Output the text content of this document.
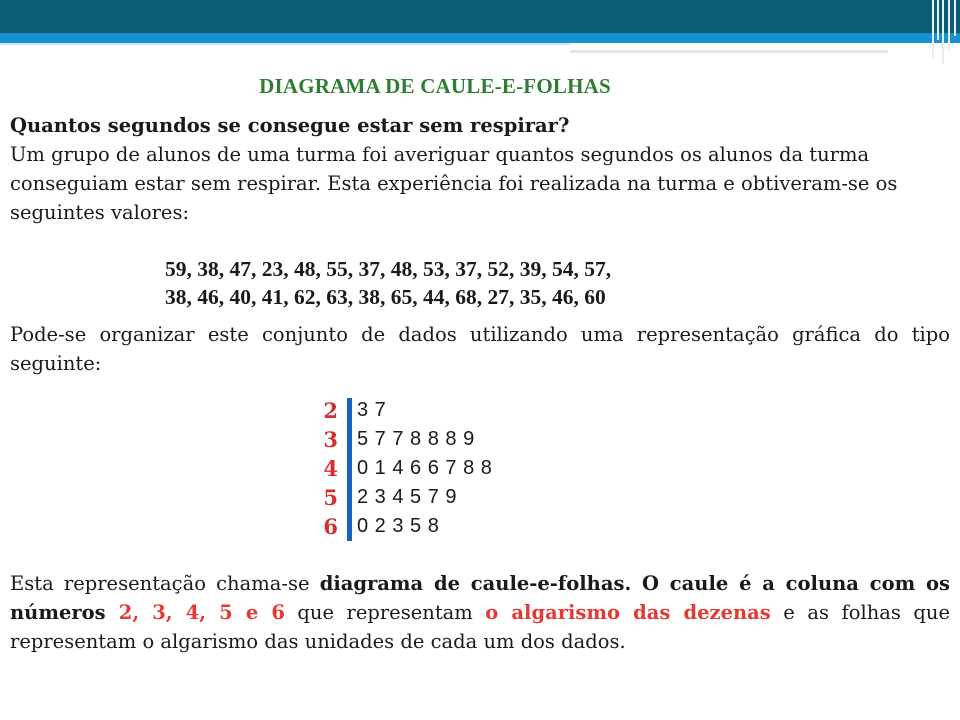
DIAGRAMA DE CAULE-E-FOLHAS
Quantos segundos se consegue estar sem respirar?
Um grupo de alunos de uma turma foi averiguar quantos segundos os alunos da turma conseguiam estar sem respirar. Esta experiência foi realizada na turma e obtiveram-se os seguintes valores:
59, 38, 47, 23, 48, 55, 37, 48, 53, 37, 52, 39, 54, 57,
38, 46, 40, 41, 62, 63, 38, 65, 44, 68, 27, 35, 46, 60
Pode-se organizar este conjunto de dados utilizando uma representação gráfica do tipo seguinte:
2 3 7
3 5 7 7 8 8 8 9
4 0 1 4 6 6 7 8 8
5 2 3 4 5 7 9
6 0 2 3 5 8
Esta representação chama-se diagrama de caule-e-folhas. O caule é a coluna com os números 2, 3, 4, 5 e 6 que representam o algarismo das dezenas e as folhas que representam o algarismo das unidades de cada um dos dados.
